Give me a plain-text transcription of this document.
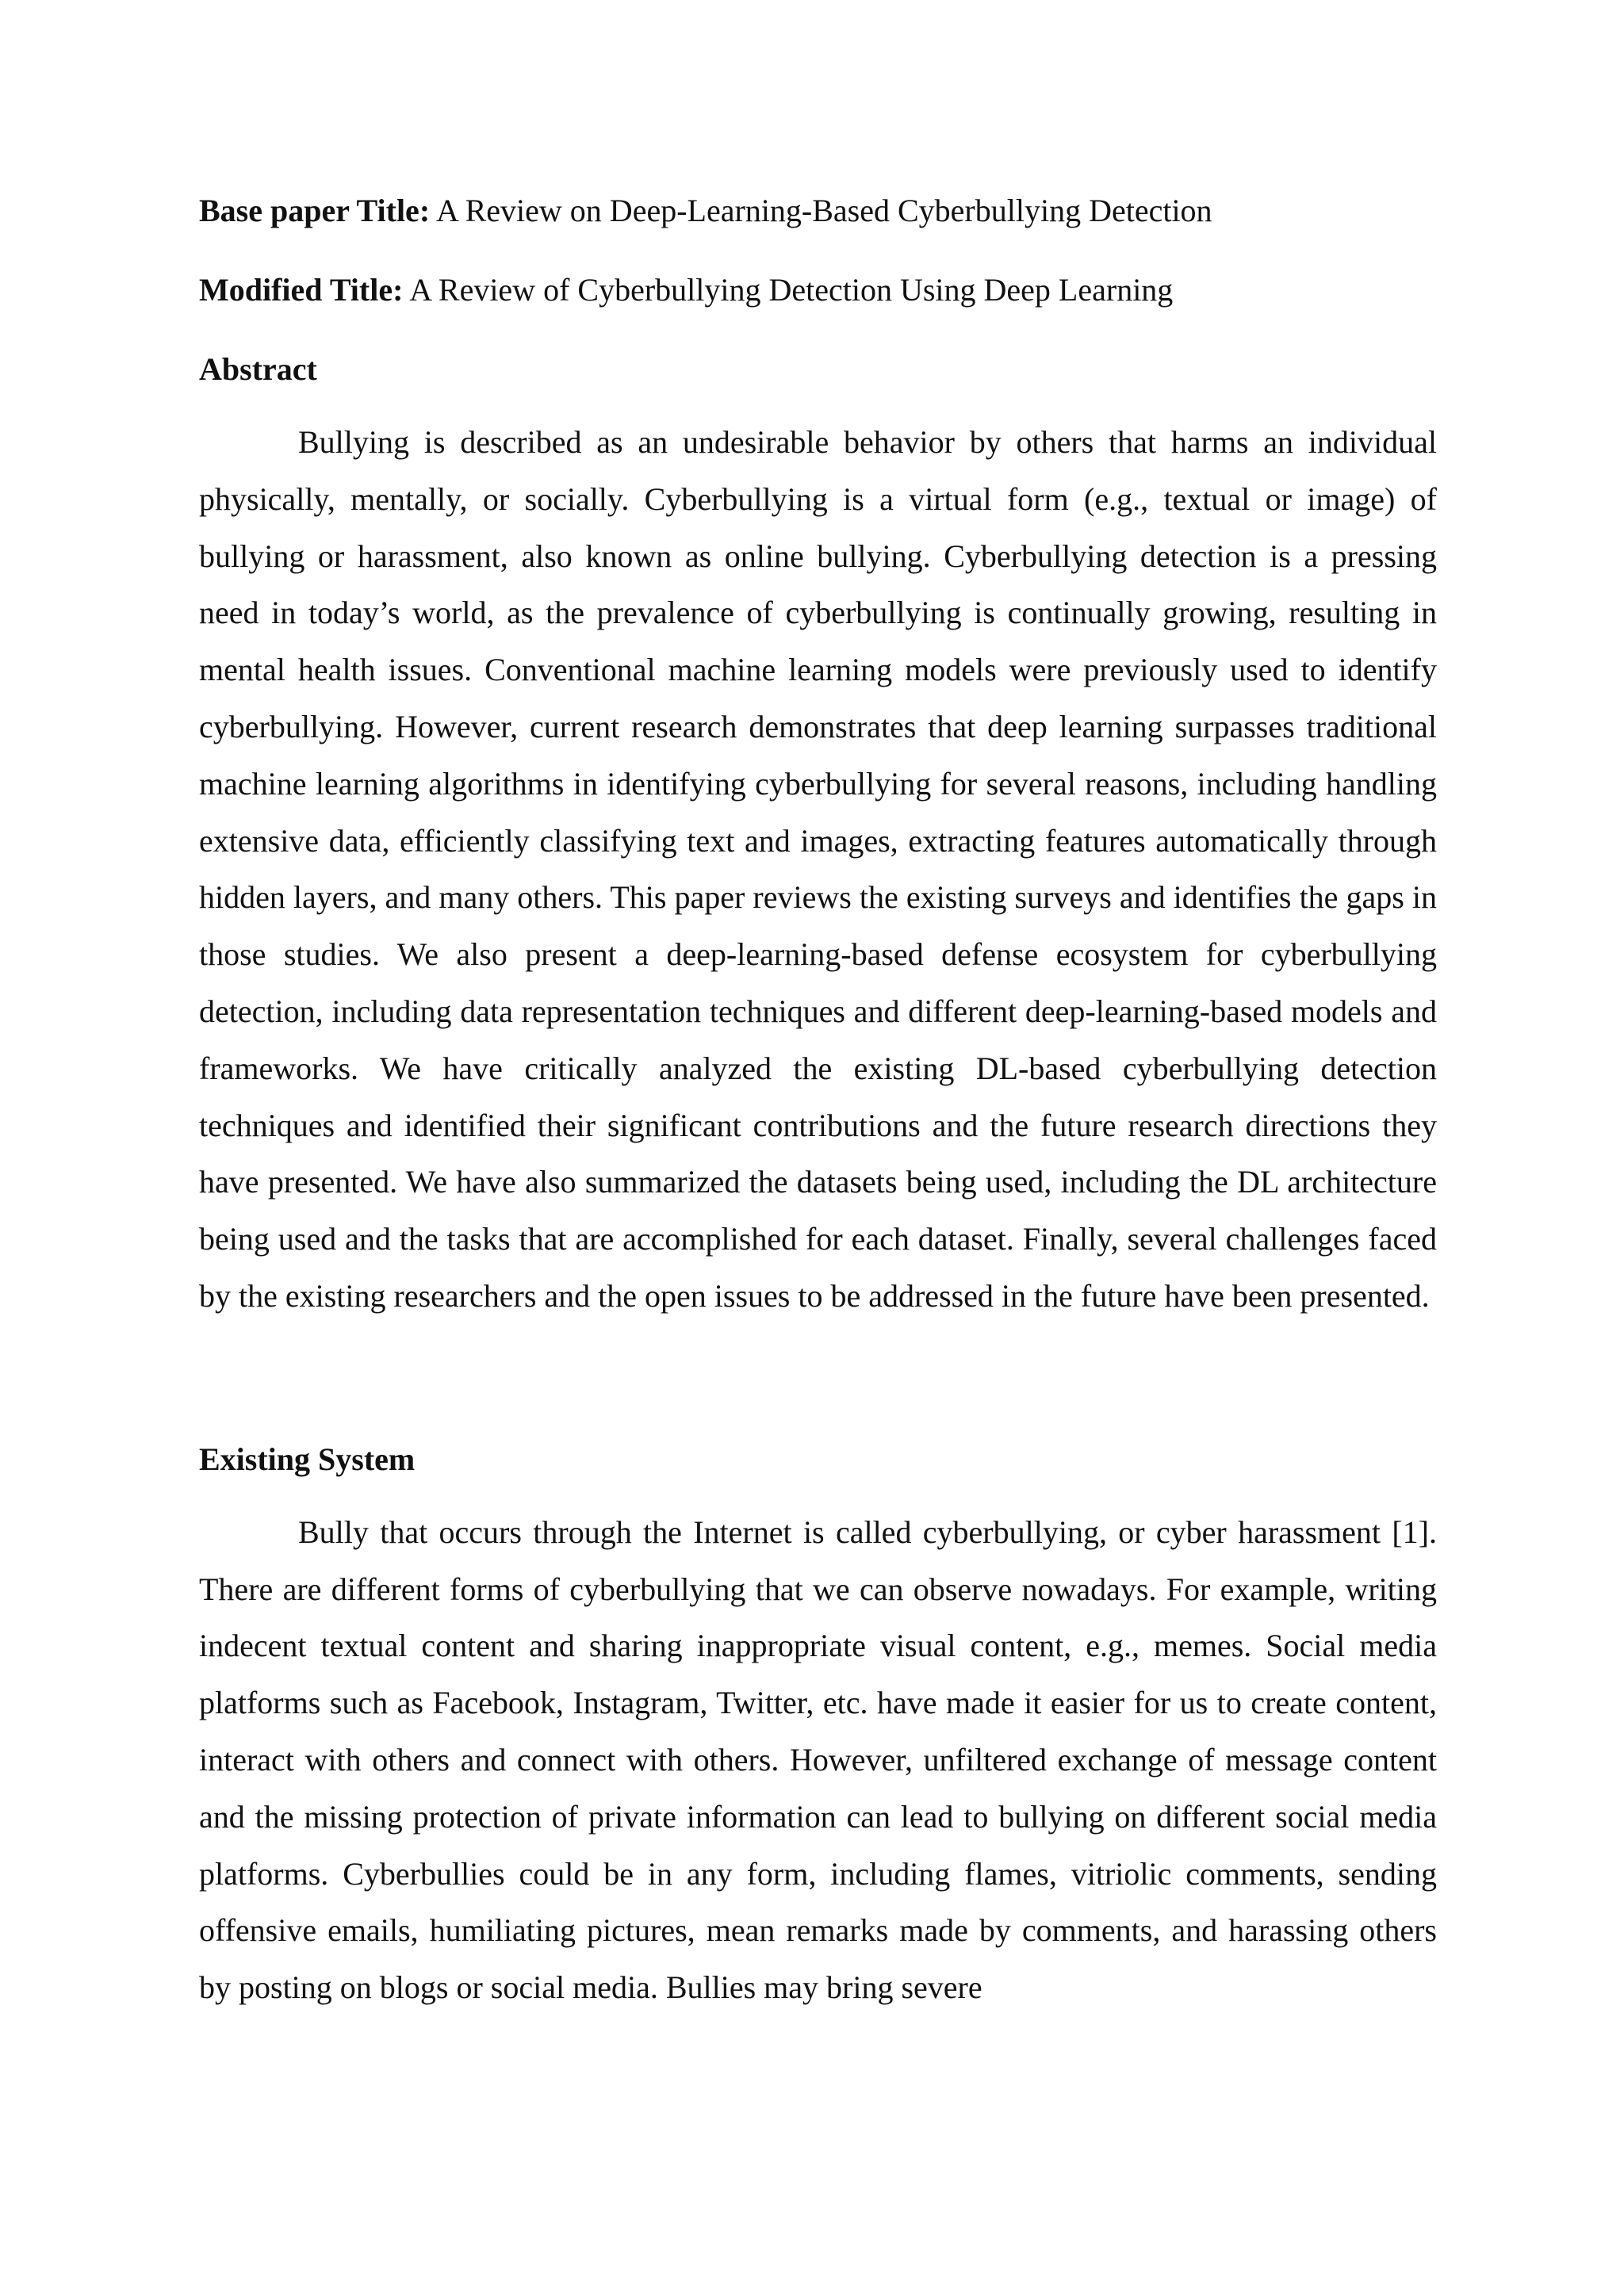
Base paper Title: A Review on Deep-Learning-Based Cyberbullying Detection

Modified Title: A Review of Cyberbullying Detection Using Deep Learning

Abstract

Bullying is described as an undesirable behavior by others that harms an individual physically, mentally, or socially. Cyberbullying is a virtual form (e.g., textual or image) of bullying or harassment, also known as online bullying. Cyberbullying detection is a pressing need in today’s world, as the prevalence of cyberbullying is continually growing, resulting in mental health issues. Conventional machine learning models were previously used to identify cyberbullying. However, current research demonstrates that deep learning surpasses traditional machine learning algorithms in identifying cyberbullying for several reasons, including handling extensive data, efficiently classifying text and images, extracting features automatically through hidden layers, and many others. This paper reviews the existing surveys and identifies the gaps in those studies. We also present a deep-learning-based defense ecosystem for cyberbullying detection, including data representation techniques and different deep-learning-based models and frameworks. We have critically analyzed the existing DL-based cyberbullying detection techniques and identified their significant contributions and the future research directions they have presented. We have also summarized the datasets being used, including the DL architecture being used and the tasks that are accomplished for each dataset. Finally, several challenges faced by the existing researchers and the open issues to be addressed in the future have been presented.

Existing System

Bully that occurs through the Internet is called cyberbullying, or cyber harassment [1]. There are different forms of cyberbullying that we can observe nowadays. For example, writing indecent textual content and sharing inappropriate visual content, e.g., memes. Social media platforms such as Facebook, Instagram, Twitter, etc. have made it easier for us to create content, interact with others and connect with others. However, unfiltered exchange of message content and the missing protection of private information can lead to bullying on different social media platforms. Cyberbullies could be in any form, including flames, vitriolic comments, sending offensive emails, humiliating pictures, mean remarks made by comments, and harassing others by posting on blogs or social media. Bullies may bring severe
